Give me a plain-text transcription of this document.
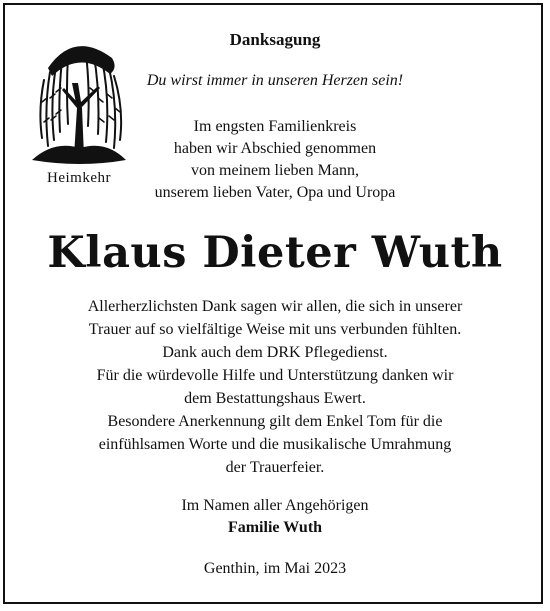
Heimkehr
Danksagung
Du wirst immer in unseren Herzen sein!
Im engsten Familienkreis
haben wir Abschied genommen
von meinem lieben Mann,
unserem lieben Vater, Opa und Uropa
Klaus Dieter Wuth
Allerherzlichsten Dank sagen wir allen, die sich in unserer
Trauer auf so vielfältige Weise mit uns verbunden fühlten.
Dank auch dem DRK Pflegedienst.
Für die würdevolle Hilfe und Unterstützung danken wir
dem Bestattungshaus Ewert.
Besondere Anerkennung gilt dem Enkel Tom für die
einfühlsamen Worte und die musikalische Umrahmung
der Trauerfeier.
Im Namen aller Angehörigen
Familie Wuth
Genthin, im Mai 2023
